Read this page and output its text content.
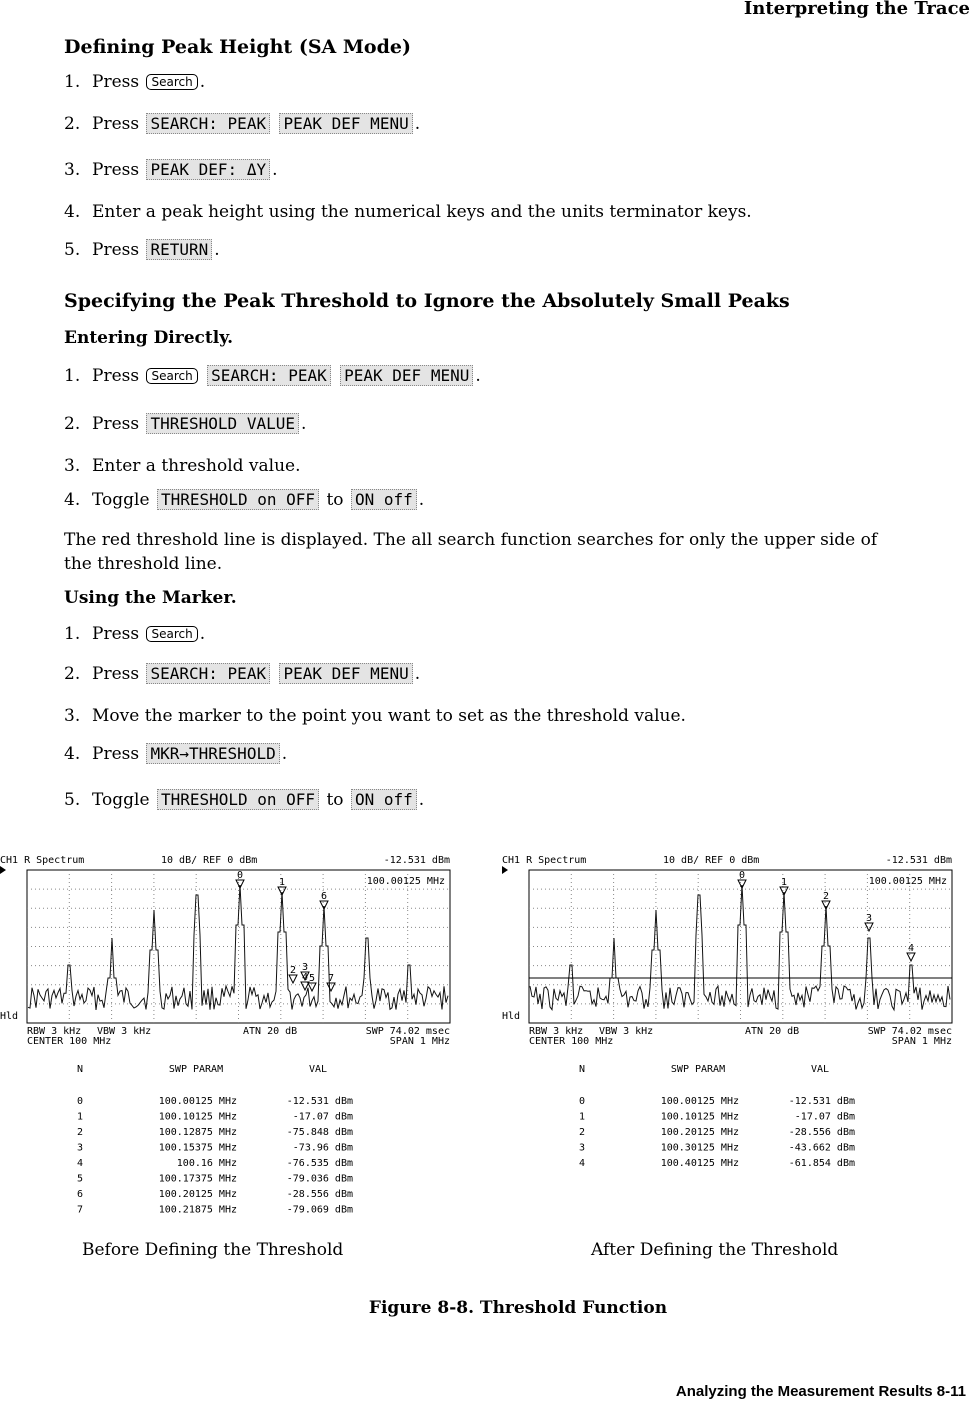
Interpreting the Trace
Defining Peak Height (SA Mode)
1. Press Search .
2. Press SEARCH: PEAK PEAK DEF MENU .
3. Press PEAK DEF: ΔY .
4. Enter a peak height using the numerical keys and the units terminator keys.
5. Press RETURN .
Specifying the Peak Threshold to Ignore the Absolutely Small Peaks
Entering Directly.
1. Press Search SEARCH: PEAK PEAK DEF MENU .
2. Press THRESHOLD VALUE .
3. Enter a threshold value.
4. Toggle THRESHOLD on OFF to ON off .
The red threshold line is displayed. The all search function searches for only the upper side of
the threshold line.
Using the Marker.
1. Press Search .
2. Press SEARCH: PEAK PEAK DEF MENU .
3. Move the marker to the point you want to set as the threshold value.
4. Press MKR→THRESHOLD .
5. Toggle THRESHOLD on OFF to ON off .
CH1 R Spectrum	10 dB/ REF 0 dBm	-12.531 dBm
100.00125 MHz
Hld
0
1
2 3
4 5
6
7
RBW 3 kHz VBW 3 kHz	ATN 20 dB	SWP 74.02 msec
CENTER 100 MHz	SPAN 1 MHz
N	SWP PARAM	VAL
0	100.00125 MHz	-12.531 dBm
1	100.10125 MHz	-17.07 dBm
2	100.12875 MHz	-75.848 dBm
3	100.15375 MHz	-73.96 dBm
4	100.16 MHz	-76.535 dBm
5	100.17375 MHz	-79.036 dBm
6	100.20125 MHz	-28.556 dBm
7	100.21875 MHz	-79.069 dBm
CH1 R Spectrum	10 dB/ REF 0 dBm	-12.531 dBm
100.00125 MHz
Hld
0
1
2
3
4
RBW 3 kHz VBW 3 kHz	ATN 20 dB	SWP 74.02 msec
CENTER 100 MHz	SPAN 1 MHz
N	SWP PARAM	VAL
0	100.00125 MHz	-12.531 dBm
1	100.10125 MHz	-17.07 dBm
2	100.20125 MHz	-28.556 dBm
3	100.30125 MHz	-43.662 dBm
4	100.40125 MHz	-61.854 dBm
Before Defining the Threshold	After Defining the Threshold
Figure 8-8. Threshold Function
Analyzing the Measurement Results 8-11
